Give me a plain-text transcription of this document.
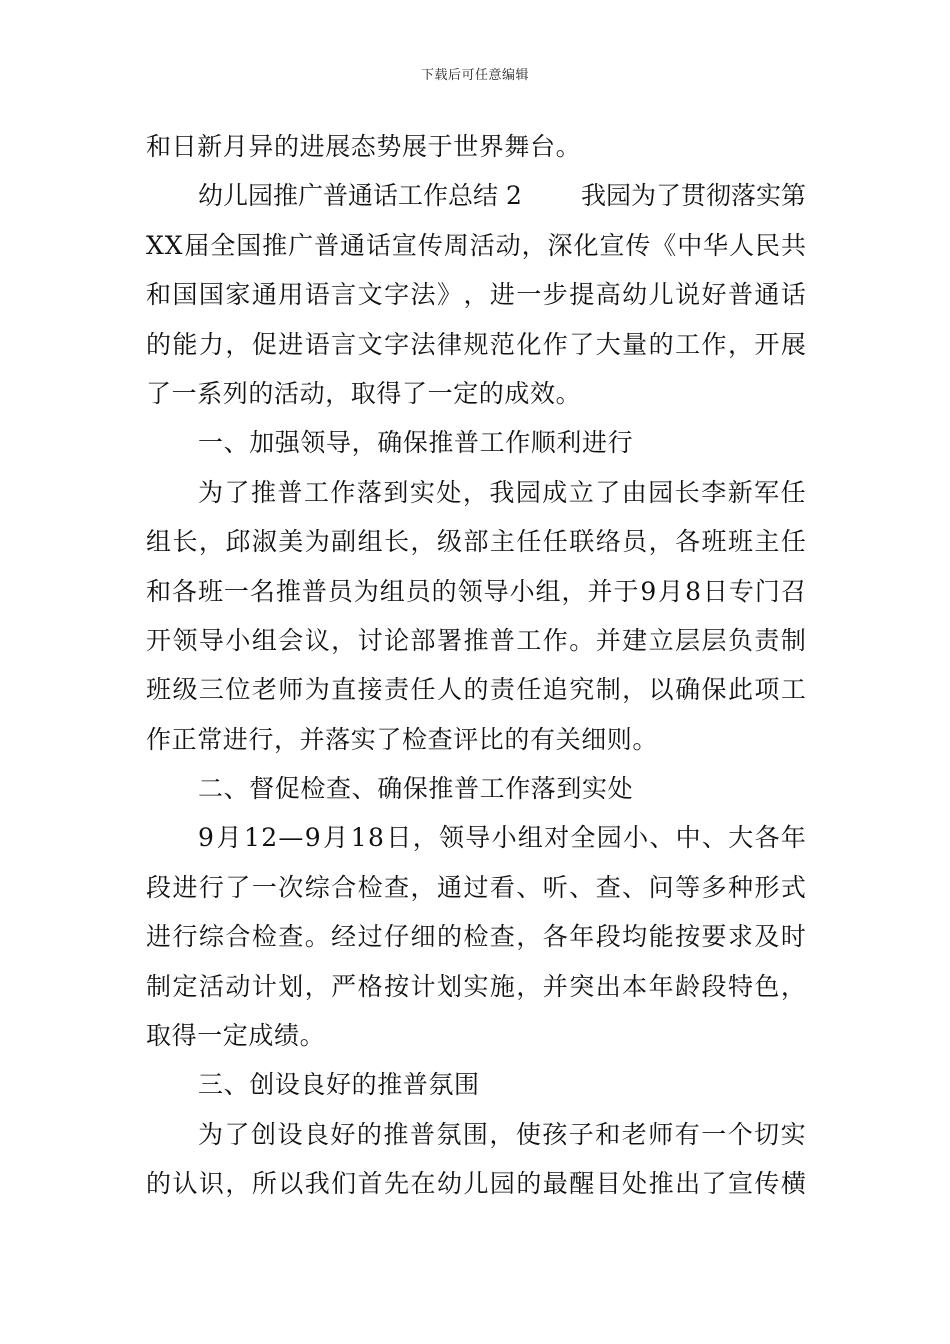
下载后可任意编辑
和日新月异的进展态势展于世界舞台。
幼儿园推广普通话工作总结 2 我园为了贯彻落实第
X X 届 全 国 推 广 普 通 话 宣 传 周 活 动 ， 深 化 宣 传 《 中 华 人 民 共
和 国 国 家 通 用 语 言 文 字 法 》 ， 进 一 步 提 高 幼 儿 说 好 普 通 话
的 能 力 ， 促 进 语 言 文 字 法 律 规 范 化 作 了 大 量 的 工 作 ， 开 展
了一系列的活动，取得了一定的成效。
一、加强领导，确保推普工作顺利进行
为 了 推 普 工 作 落 到 实 处 ， 我 园 成 立 了 由 园 长 李 新 军 任
组 长 ， 邱 淑 美 为 副 组 长 ， 级 部 主 任 任 联 络 员 ， 各 班 班 主 任
和 各 班 一 名 推 普 员 为 组 员 的 领 导 小 组 ， 并 于 9 月 8 日 专 门 召
开 领 导 小 组 会 议 ， 讨 论 部 署 推 普 工 作 。 并 建 立 层 层 负 责 制
班 级 三 位 老 师 为 直 接 责 任 人 的 责 任 追 究 制 ， 以 确 保 此 项 工
作正常进行，并落实了检查评比的有关细则。
二、督促检查、确保推普工作落到实处
9 月 1 2 — 9 月 1 8 日 ， 领 导 小 组 对 全 园 小 、 中 、 大 各 年
段 进 行 了 一 次 综 合 检 查 ， 通 过 看 、 听 、 查 、 问 等 多 种 形 式
进 行 综 合 检 查 。 经 过 仔 细 的 检 查 ， 各 年 段 均 能 按 要 求 及 时
制 定 活 动 计 划 ， 严 格 按 计 划 实 施 ， 并 突 出 本 年 龄 段 特 色 ，
取得一定成绩。
三、创设良好的推普氛围
为 了 创 设 良 好 的 推 普 氛 围 ， 使 孩 子 和 老 师 有 一 个 切 实
的 认 识 ， 所 以 我 们 首 先 在 幼 儿 园 的 最 醒 目 处 推 出 了 宣 传 横
